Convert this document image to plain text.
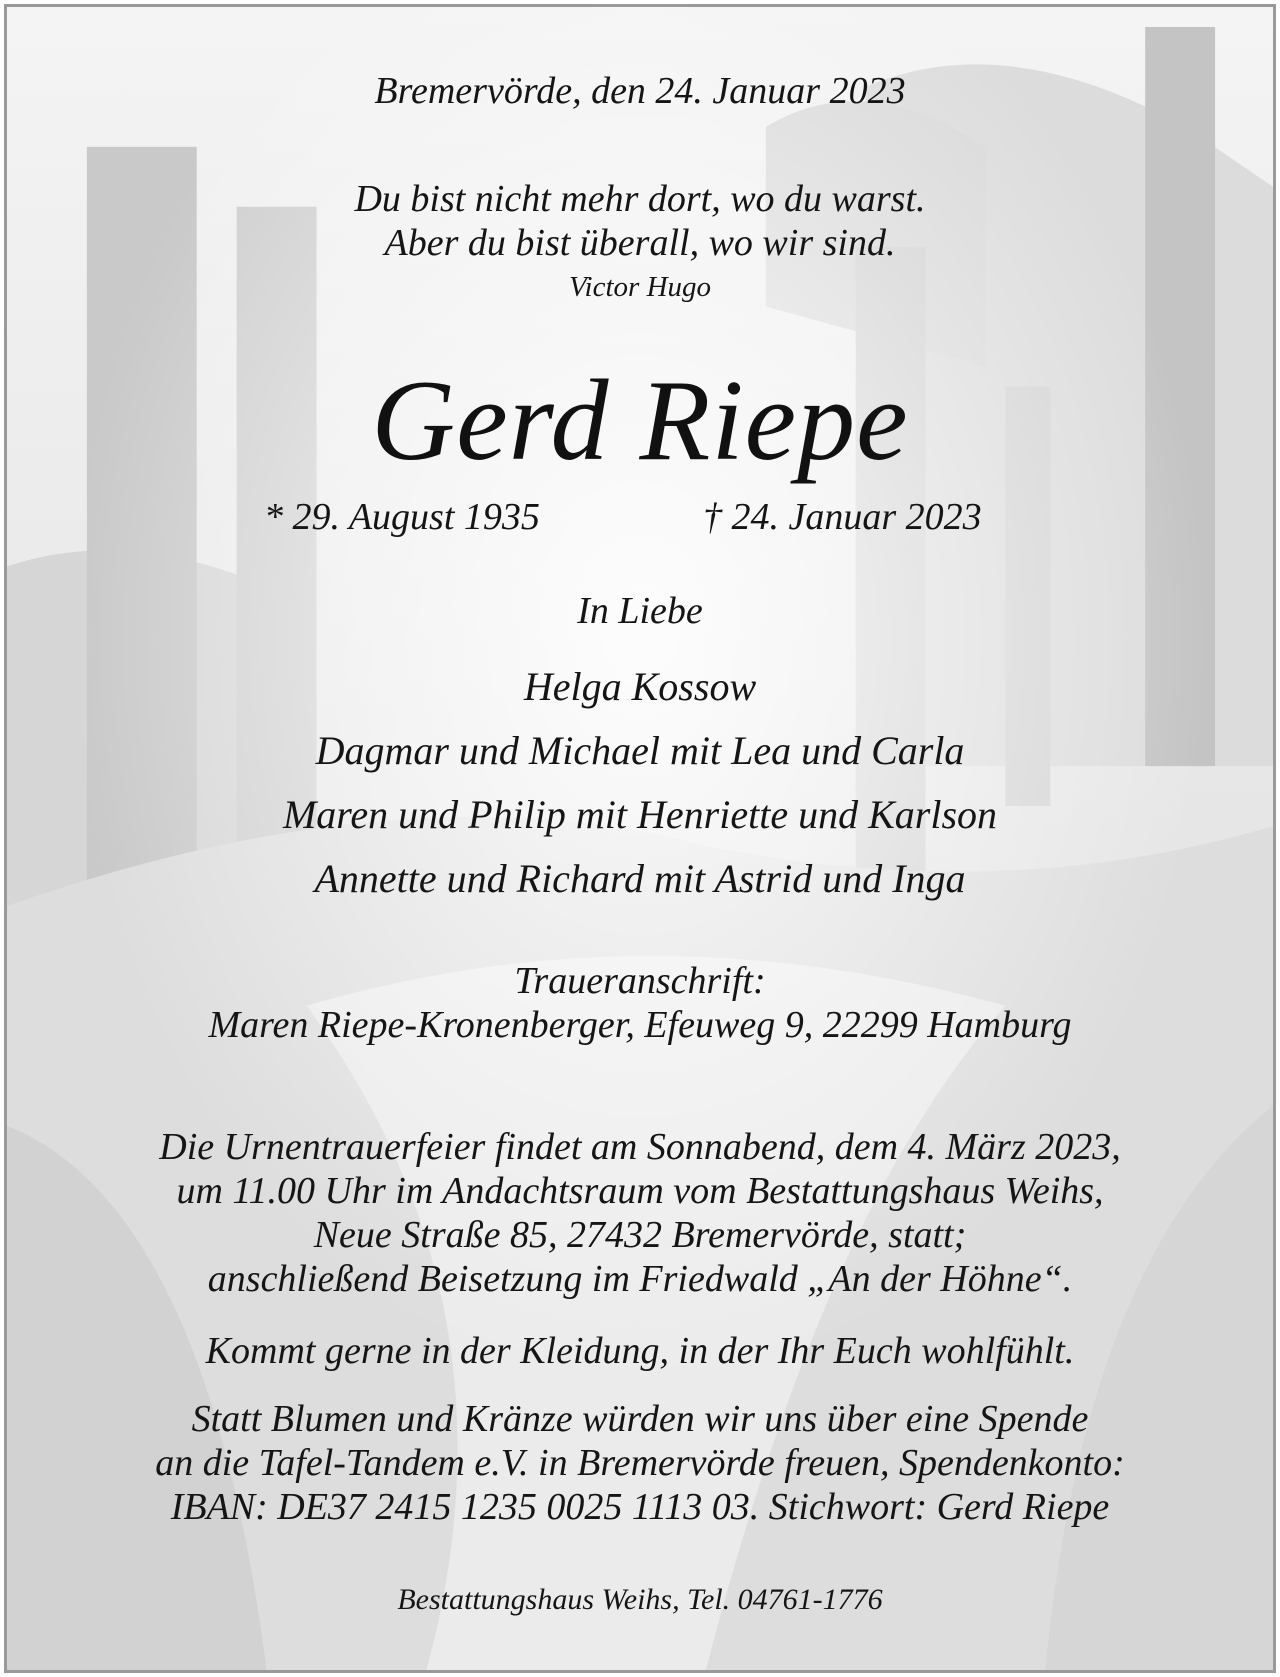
Bremervörde, den 24. Januar 2023
Du bist nicht mehr dort, wo du warst.
Aber du bist überall, wo wir sind.
Victor Hugo
Gerd Riepe
* 29. August 1935	† 24. Januar 2023
In Liebe
Helga Kossow
Dagmar und Michael mit Lea und Carla
Maren und Philip mit Henriette und Karlson
Annette und Richard mit Astrid und Inga
Traueranschrift:
Maren Riepe-Kronenberger, Efeuweg 9, 22299 Hamburg
Die Urnentrauerfeier findet am Sonnabend, dem 4. März 2023,
um 11.00 Uhr im Andachtsraum vom Bestattungshaus Weihs,
Neue Straße 85, 27432 Bremervörde, statt;
anschließend Beisetzung im Friedwald „An der Höhne“.
Kommt gerne in der Kleidung, in der Ihr Euch wohlfühlt.
Statt Blumen und Kränze würden wir uns über eine Spende
an die Tafel-Tandem e.V. in Bremervörde freuen, Spendenkonto:
IBAN: DE37 2415 1235 0025 1113 03. Stichwort: Gerd Riepe
Bestattungshaus Weihs, Tel. 04761-1776
